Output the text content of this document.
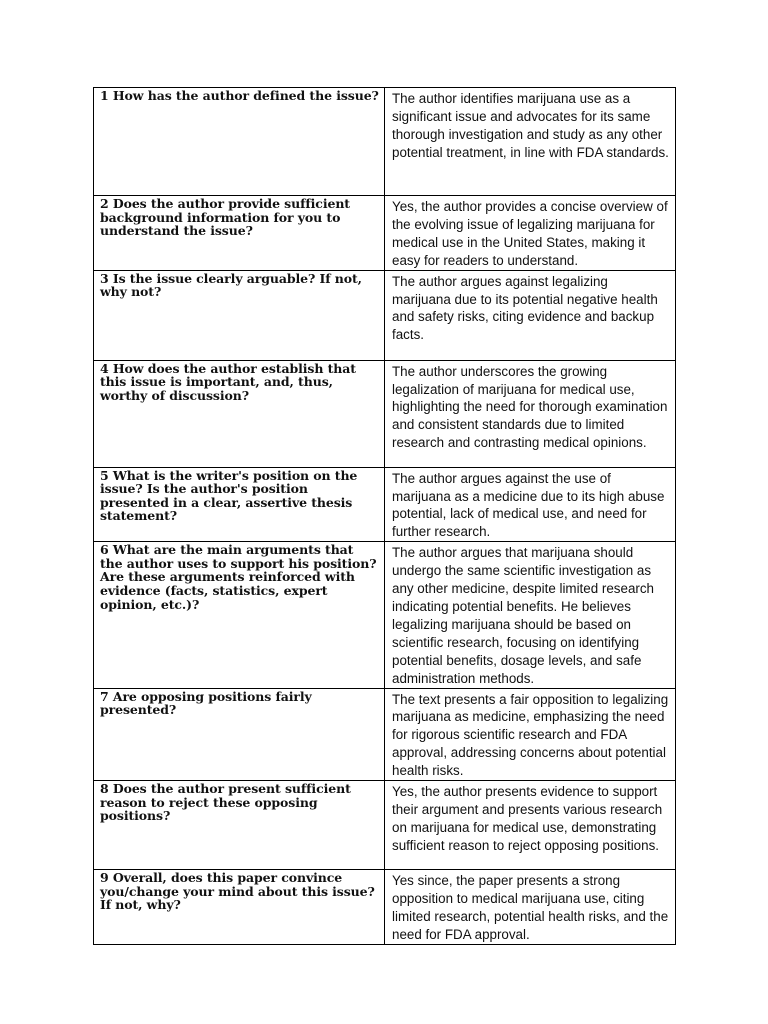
1 How has the author defined the issue?	The author identifies marijuana use as a significant issue and advocates for its same thorough investigation and study as any other potential treatment, in line with FDA standards.
2 Does the author provide sufficient background information for you to understand the issue?	Yes, the author provides a concise overview of the evolving issue of legalizing marijuana for medical use in the United States, making it easy for readers to understand.
3 Is the issue clearly arguable? If not, why not?	The author argues against legalizing marijuana due to its potential negative health and safety risks, citing evidence and backup facts.
4 How does the author establish that this issue is important, and, thus, worthy of discussion?	The author underscores the growing legalization of marijuana for medical use, highlighting the need for thorough examination and consistent standards due to limited research and contrasting medical opinions.
5 What is the writer's position on the issue? Is the author's position presented in a clear, assertive thesis statement?	The author argues against the use of marijuana as a medicine due to its high abuse potential, lack of medical use, and need for further research.
6 What are the main arguments that the author uses to support his position? Are these arguments reinforced with evidence (facts, statistics, expert opinion, etc.)?	The author argues that marijuana should undergo the same scientific investigation as any other medicine, despite limited research indicating potential benefits. He believes legalizing marijuana should be based on scientific research, focusing on identifying potential benefits, dosage levels, and safe administration methods.
7 Are opposing positions fairly presented?	The text presents a fair opposition to legalizing marijuana as medicine, emphasizing the need for rigorous scientific research and FDA approval, addressing concerns about potential health risks.
8 Does the author present sufficient reason to reject these opposing positions?	Yes, the author presents evidence to support their argument and presents various research on marijuana for medical use, demonstrating sufficient reason to reject opposing positions.
9 Overall, does this paper convince you/change your mind about this issue? If not, why?	Yes since, the paper presents a strong opposition to medical marijuana use, citing limited research, potential health risks, and the need for FDA approval.
